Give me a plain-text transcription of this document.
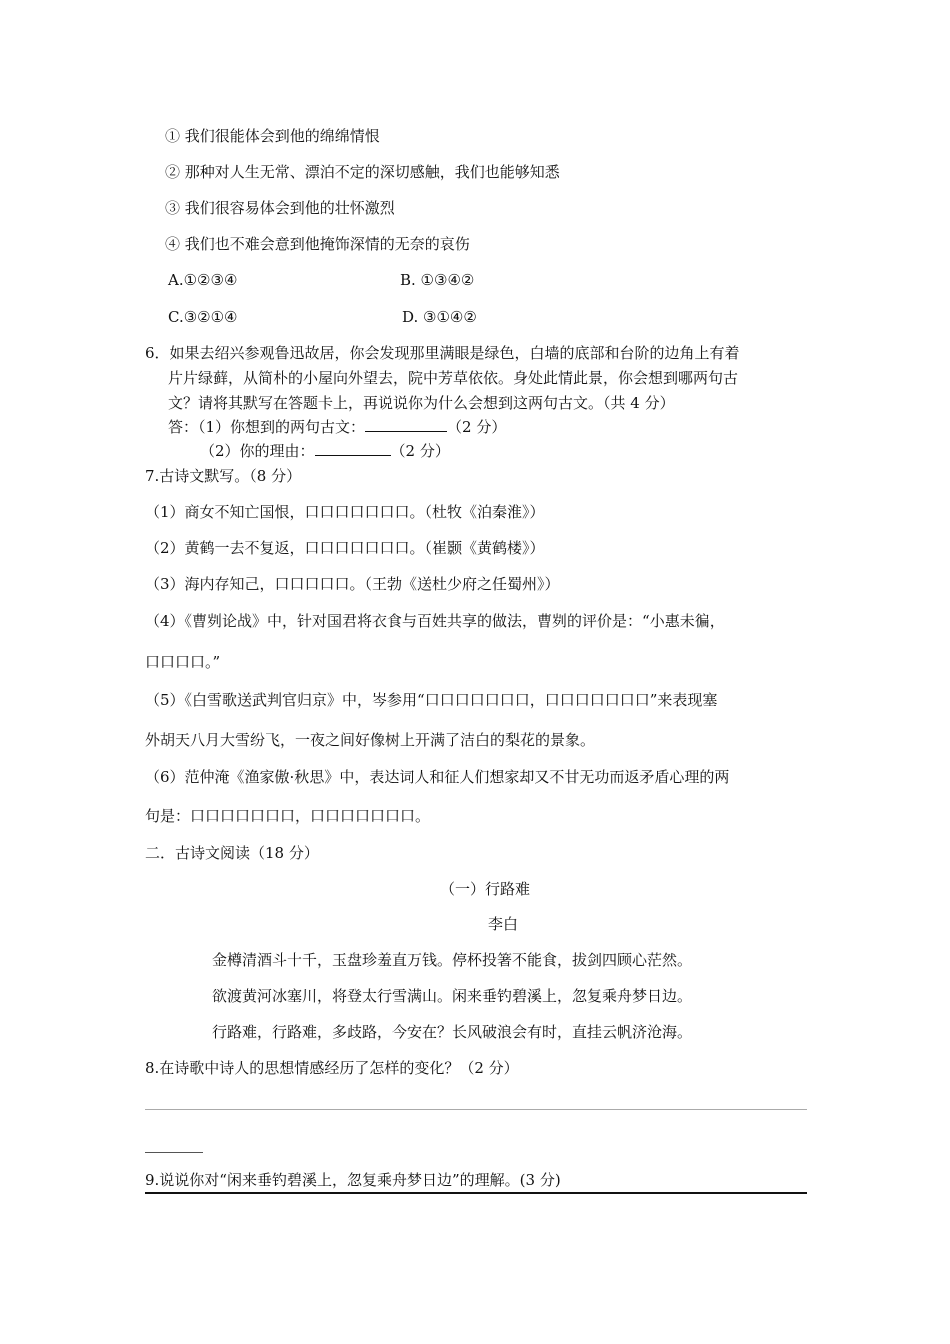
① 我们很能体会到他的绵绵情恨
② 那种对人生无常、漂泊不定的深切感触，我们也能够知悉
③ 我们很容易体会到他的壮怀激烈
④ 我们也不难会意到他掩饰深情的无奈的哀伤
A.①②③④	B. ①③④②
C.③②①④	D. ③①④②
6．如果去绍兴参观鲁迅故居，你会发现那里满眼是绿色，白墙的底部和台阶的边角上有着
片片绿藓，从简朴的小屋向外望去，院中芳草依依。身处此情此景，你会想到哪两句古
文？请将其默写在答题卡上，再说说你为什么会想到这两句古文。（共 4 分）
答：（1）你想到的两句古文：	（2 分）
（2）你的理由：	（2 分）
7.古诗文默写。（8 分）
（1）商女不知亡国恨，口口口口口口口。（杜牧《泊秦淮》）
（2）黄鹤一去不复返，口口口口口口口。（崔颢《黄鹤楼》）
（3）海内存知己，口口口口口。（王勃《送杜少府之任蜀州》）
（4）《曹刿论战》中，针对国君将衣食与百姓共享的做法，曹刿的评价是：“小惠未徧，
口口口口。”
（5）《白雪歌送武判官归京》中，岑参用“口口口口口口口，口口口口口口口”来表现塞
外胡天八月大雪纷飞，一夜之间好像树上开满了洁白的梨花的景象。
（6）范仲淹《渔家傲·秋思》中，表达词人和征人们想家却又不甘无功而返矛盾心理的两
句是：口口口口口口口，口口口口口口口。
二．古诗文阅读（18 分）
（一）行路难
李白
金樽清酒斗十千，玉盘珍羞直万钱。停杯投箸不能食，拔剑四顾心茫然。
欲渡黄河冰塞川，将登太行雪满山。闲来垂钓碧溪上，忽复乘舟梦日边。
行路难，行路难，多歧路，今安在？长风破浪会有时，直挂云帆济沧海。
8.在诗歌中诗人的思想情感经历了怎样的变化？（2 分）
9.说说你对“闲来垂钓碧溪上，忽复乘舟梦日边”的理解。(3 分)
